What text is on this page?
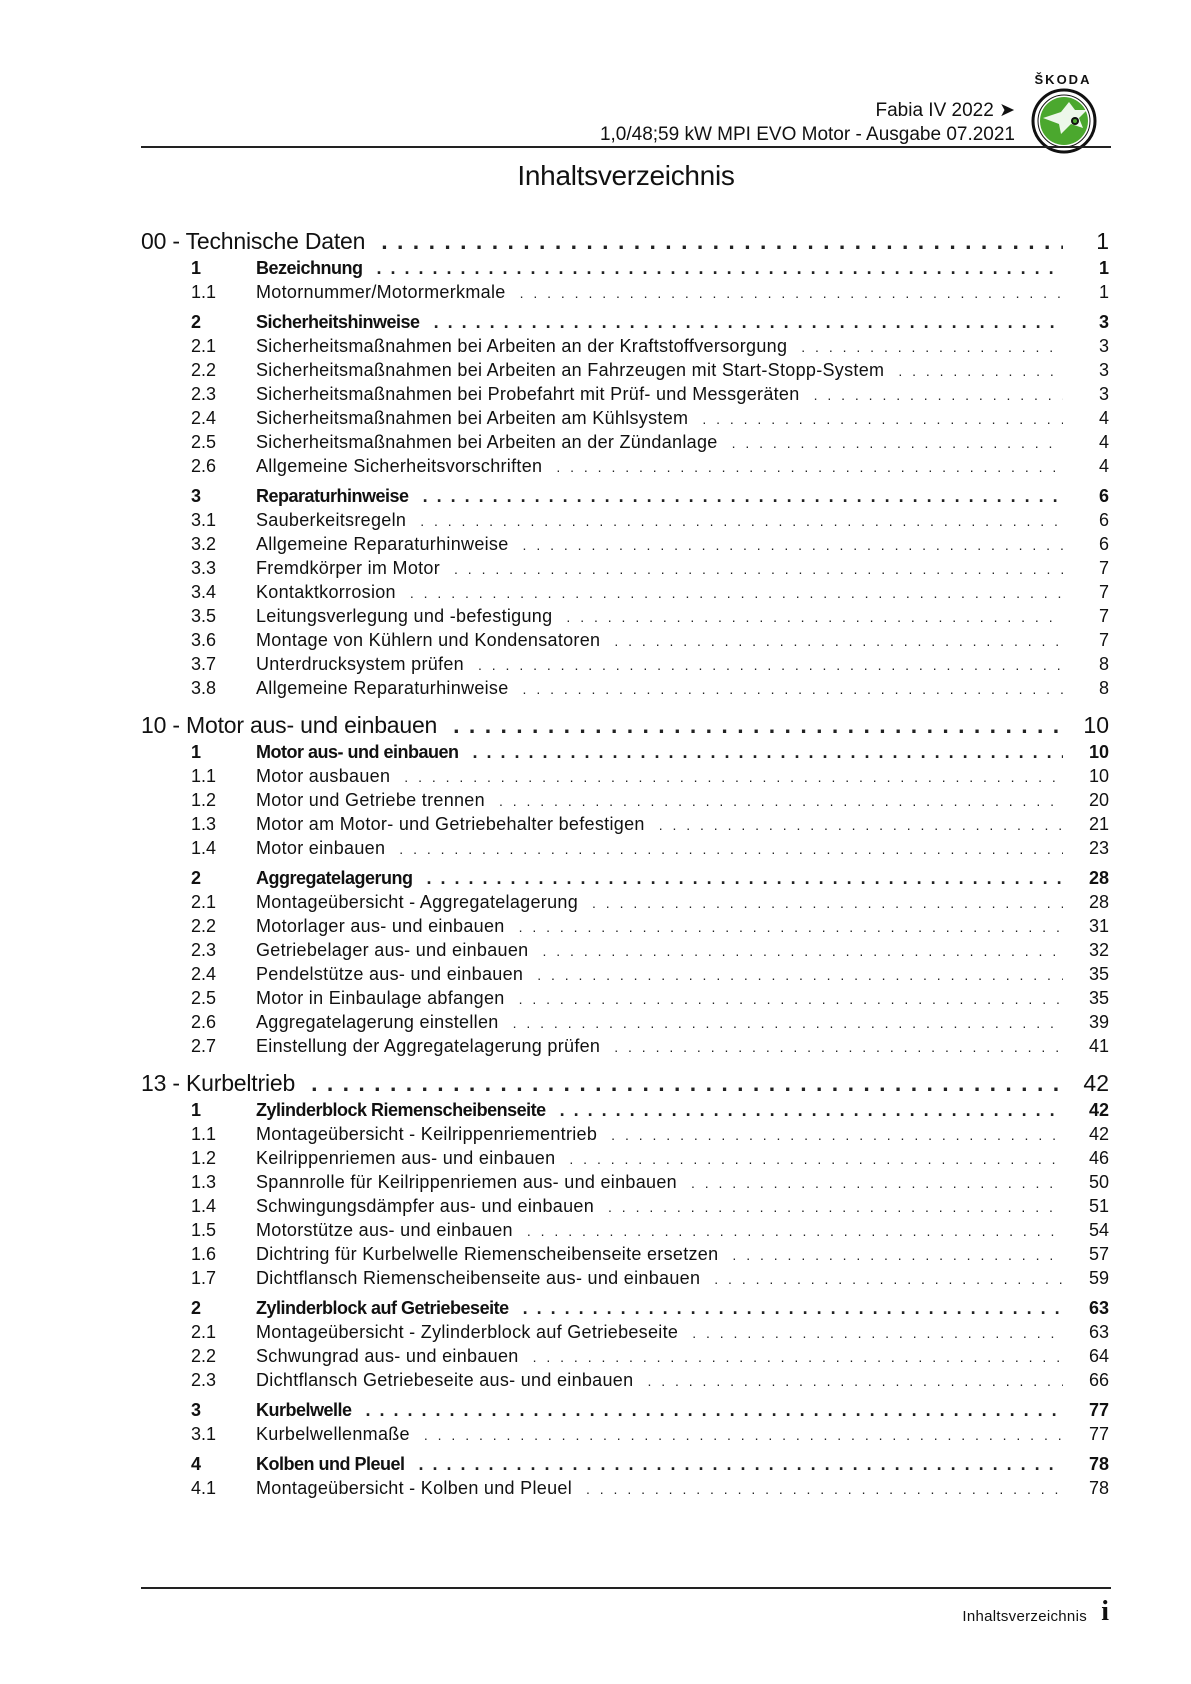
ŠKODA
Fabia IV 2022 ➤
1,0/48;59 kW MPI EVO Motor - Ausgabe 07.2021
Inhaltsverzeichnis
00 - Technische Daten . . .	1
1	Bezeichnung . . .	1
1.1	Motornummer/Motormerkmale . . .	1
2	Sicherheitshinweise . . .	3
2.1	Sicherheitsmaßnahmen bei Arbeiten an der Kraftstoffversorgung . . .	3
2.2	Sicherheitsmaßnahmen bei Arbeiten an Fahrzeugen mit Start-Stopp-System . . .	3
2.3	Sicherheitsmaßnahmen bei Probefahrt mit Prüf- und Messgeräten . . .	3
2.4	Sicherheitsmaßnahmen bei Arbeiten am Kühlsystem . . .	4
2.5	Sicherheitsmaßnahmen bei Arbeiten an der Zündanlage . . .	4
2.6	Allgemeine Sicherheitsvorschriften . . .	4
3	Reparaturhinweise . . .	6
3.1	Sauberkeitsregeln . . .	6
3.2	Allgemeine Reparaturhinweise . . .	6
3.3	Fremdkörper im Motor . . .	7
3.4	Kontaktkorrosion . . .	7
3.5	Leitungsverlegung und -befestigung . . .	7
3.6	Montage von Kühlern und Kondensatoren . . .	7
3.7	Unterdrucksystem prüfen . . .	8
3.8	Allgemeine Reparaturhinweise . . .	8
10 - Motor aus- und einbauen . . .	10
1	Motor aus- und einbauen . . .	10
1.1	Motor ausbauen . . .	10
1.2	Motor und Getriebe trennen . . .	20
1.3	Motor am Motor- und Getriebehalter befestigen . . .	21
1.4	Motor einbauen . . .	23
2	Aggregatelagerung . . .	28
2.1	Montageübersicht - Aggregatelagerung . . .	28
2.2	Motorlager aus- und einbauen . . .	31
2.3	Getriebelager aus- und einbauen . . .	32
2.4	Pendelstütze aus- und einbauen . . .	35
2.5	Motor in Einbaulage abfangen . . .	35
2.6	Aggregatelagerung einstellen . . .	39
2.7	Einstellung der Aggregatelagerung prüfen . . .	41
13 - Kurbeltrieb . . .	42
1	Zylinderblock Riemenscheibenseite . . .	42
1.1	Montageübersicht - Keilrippenriementrieb . . .	42
1.2	Keilrippenriemen aus- und einbauen . . .	46
1.3	Spannrolle für Keilrippenriemen aus- und einbauen . . .	50
1.4	Schwingungsdämpfer aus- und einbauen . . .	51
1.5	Motorstütze aus- und einbauen . . .	54
1.6	Dichtring für Kurbelwelle Riemenscheibenseite ersetzen . . .	57
1.7	Dichtflansch Riemenscheibenseite aus- und einbauen . . .	59
2	Zylinderblock auf Getriebeseite . . .	63
2.1	Montageübersicht - Zylinderblock auf Getriebeseite . . .	63
2.2	Schwungrad aus- und einbauen . . .	64
2.3	Dichtflansch Getriebeseite aus- und einbauen . . .	66
3	Kurbelwelle . . .	77
3.1	Kurbelwellenmaße . . .	77
4	Kolben und Pleuel . . .	78
4.1	Montageübersicht - Kolben und Pleuel . . .	78
Inhaltsverzeichnis i
